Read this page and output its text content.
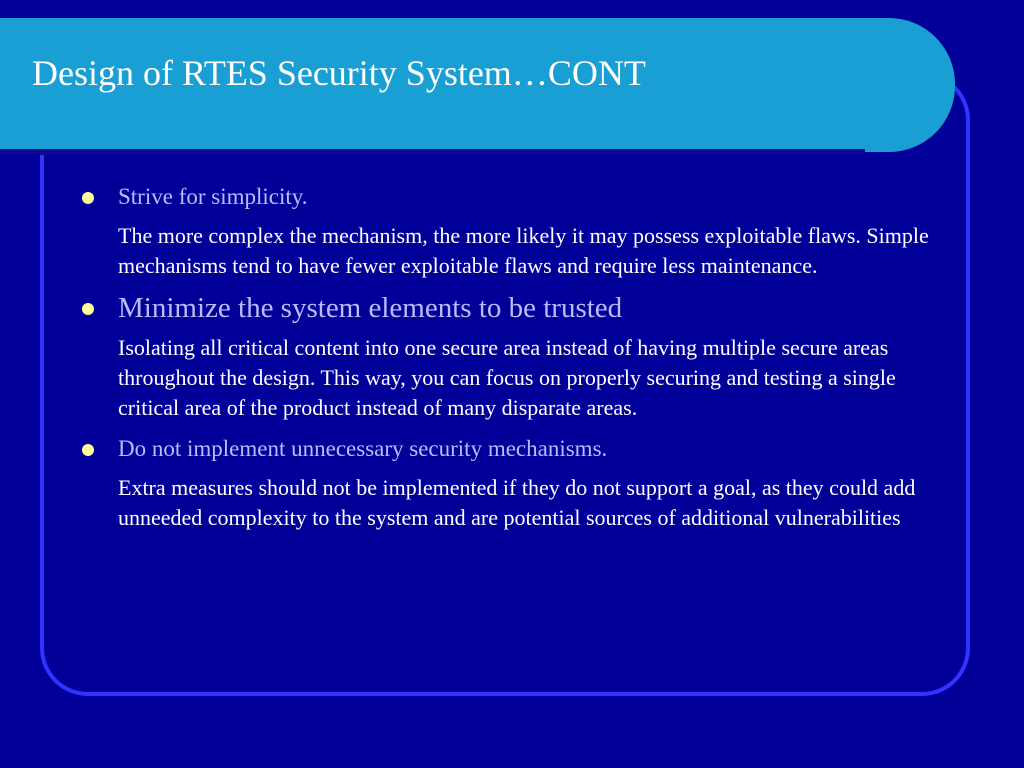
Design of RTES Security System…CONT

Strive for simplicity.

The more complex the mechanism, the more likely it may possess exploitable flaws. Simple mechanisms tend to have fewer exploitable flaws and require less maintenance.

Minimize the system elements to be trusted

Isolating all critical content into one secure area instead of having multiple secure areas throughout the design. This way, you can focus on properly securing and testing a single critical area of the product instead of many disparate areas.

Do not implement unnecessary security mechanisms.

Extra measures should not be implemented if they do not support a goal, as they could add unneeded complexity to the system and are potential sources of additional vulnerabilities
